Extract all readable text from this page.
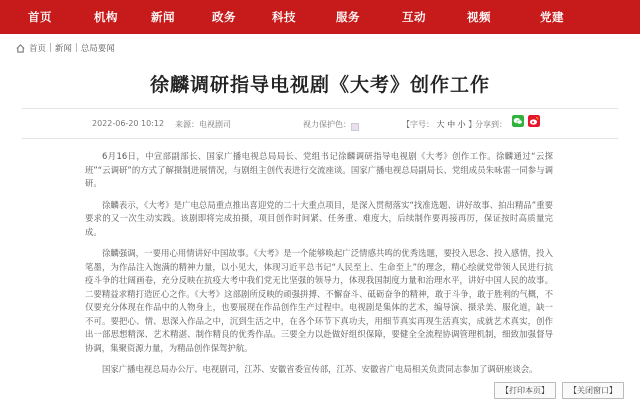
首页	机构	新闻	政务	科技	服务	互动	视频	党建
首页 | 新闻 | 总局要闻
徐麟调研指导电视剧《大考》创作工作
2022-06-20 10:12 来源：电视剧司	视力保护色：	【字号： 大 中 小 】
分享到：

6月16日，中宣部副部长、国家广播电视总局局长、党组书记徐麟调研指导电视剧《大考》创作工作。徐麟通过“云探班”“云调研”的方式了解摄制进展情况，与剧组主创代表进行交流座谈。国家广播电视总局副局长、党组成员朱咏雷一同参与调研。

徐麟表示，《大考》是广电总局重点推出喜迎党的二十大重点项目，是深入贯彻落实“找准选题、讲好故事、拍出精品”重要要求的又一次生动实践。该剧即将完成拍摄，项目创作时间紧、任务重、难度大，后续制作要再接再厉，保证按时高质量完成。

徐麟强调，一要用心用情讲好中国故事。《大考》是一个能够唤起广泛情感共鸣的优秀选题，要投入思念、投入感情，投入笔墨，为作品注入饱满的精神力量，以小见大，体现习近平总书记“人民至上、生命至上”的理念，精心绘就党带领人民进行抗疫斗争的壮阔画卷，充分反映在抗疫大考中我们党无比坚强的领导力，体现我国制度力量和治理水平，讲好中国人民的故事。二要精益求精打造匠心之作。《大考》这部剧所反映的顽强拼搏、不懈奋斗、砥砺奋争的精神，敢于斗争，敢于胜利的气概，不仅要充分体现在作品中的人物身上，也要展现在作品创作生产过程中。电视剧是集体的艺术，编导演、摄录美、服化道，缺一不可。要把心、情、思深入作品之中，沉到生活之中，在各个环节下真功夫，用细节真实再现生活真实，成就艺术真实，创作出一部思想精深、艺术精湛、制作精良的优秀作品。三要全力以赴做好组织保障，要健全全流程协调管理机制，细致加强督导协调，集聚资源力量，为精品创作保驾护航。

国家广播电视总局办公厅、电视剧司，江苏、安徽省委宣传部，江苏、安徽省广电局相关负责同志参加了调研座谈会。

【打印本页】	【关闭窗口】
